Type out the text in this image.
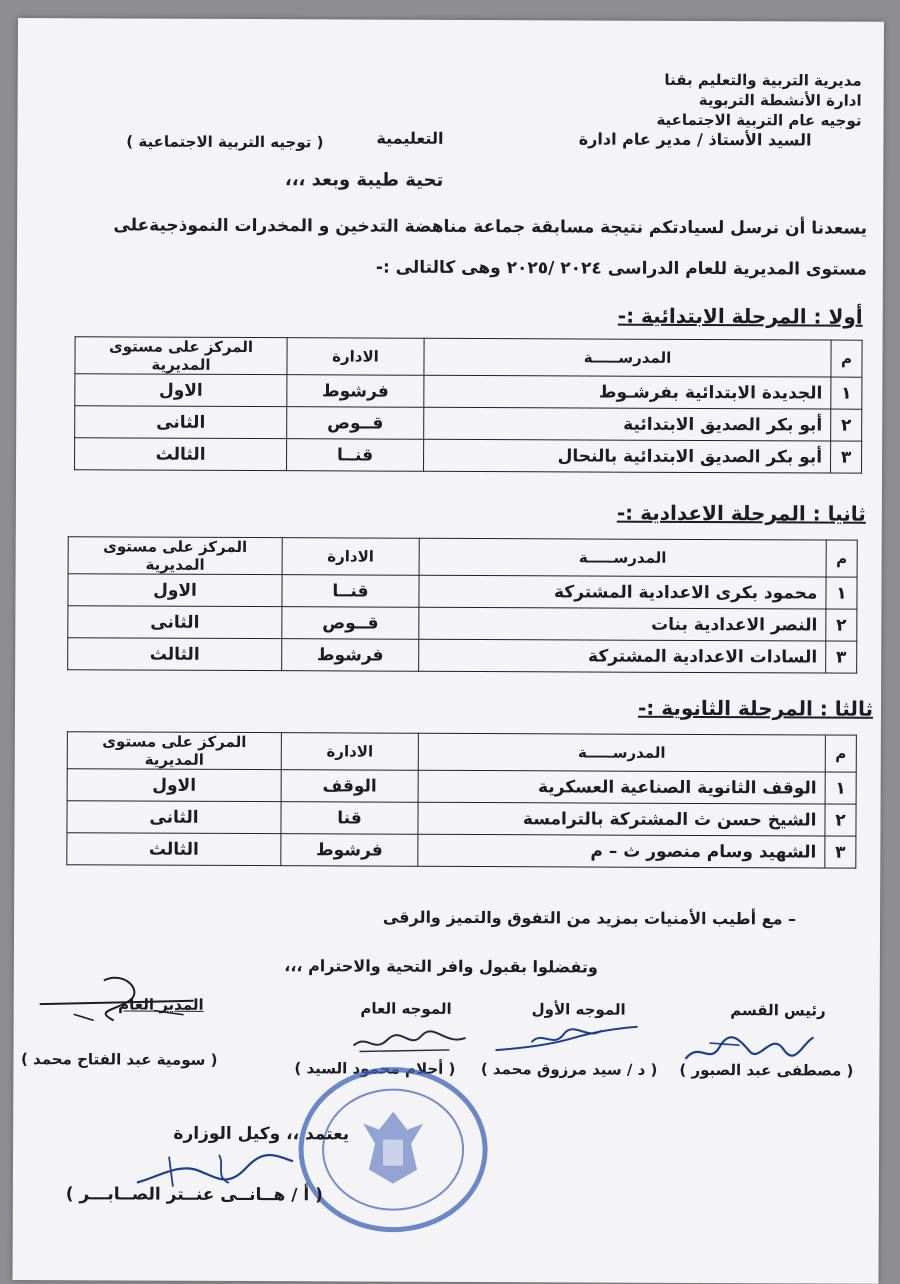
مديرية التربية والتعليم بقنا
ادارة الأنشطة التربوية
توجيه عام التربية الاجتماعية
السيد الأستاذ / مدير عام ادارة
التعليمية
( توجيه التربية الاجتماعية )
تحية طيبة وبعد ،،،
يسعدنا أن نرسل لسيادتكم نتيجة مسابقة جماعة مناهضة التدخين و المخدرات النموذجيةعلى
مستوى المديرية للعام الدراسى ٢٠٢٤ /٢٠٢٥ وهى كالتالى :-
أولا : المرحلة الابتدائية :-
م	المدرســـــة	الادارة	المركز على مستوى المديرية
١	الجديدة الابتدائية بفرشـوط	فرشوط	الاول
٢	أبو بكر الصديق الابتدائية	قــوص	الثانى
٣	أبو بكر الصديق الابتدائية بالنحال	قنــا	الثالث
ثانيا : المرحلة الاعدادية :-
م	المدرســـــة	الادارة	المركز على مستوى المديرية
١	محمود بكرى الاعدادية المشتركة	قنــا	الاول
٢	النصر الاعدادية بنات	قــوص	الثانى
٣	السادات الاعدادية المشتركة	فرشوط	الثالث
ثالثا : المرحلة الثانوية :-
م	المدرســـــة	الادارة	المركز على مستوى المديرية
١	الوقف الثانوية الصناعية العسكرية	الوقف	الاول
٢	الشيخ حسن ث المشتركة بالترامسة	قنا	الثانى
٣	الشهيد وسام منصور ث – م	فرشوط	الثالث
– مع أطيب الأمنيات بمزيد من التفوق والتميز والرقى
وتفضلوا بقبول وافر التحية والاحترام ،،،
رئيس القسم
الموجه الأول
الموجه العام
المدير العام
( مصطفى عبد الصبور )
( د / سيد مرزوق محمد )
( أحلام محمود السيد )
( سومية عبد الفتاح محمد )
يعتمد ،، وكيل الوزارة
( أ / هــانــى عنــتر الصــابـــر )
